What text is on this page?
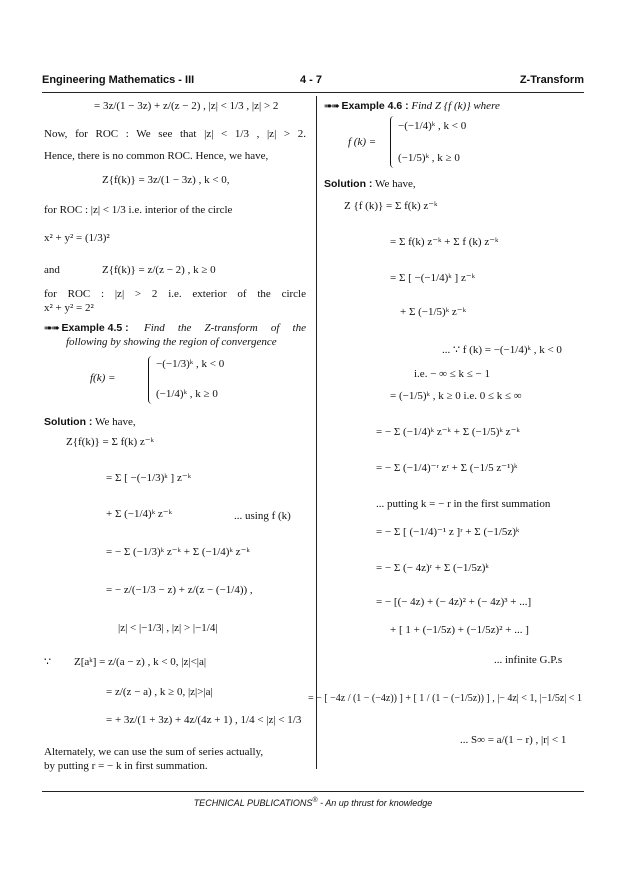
Engineering Mathematics - III	4 - 7	Z-Transform
= 3z/(1 − 3z) + z/(z − 2) , |z| < 1/3 , |z| > 2
Now, for ROC : We see that |z| < 1/3 , |z| > 2.
Hence, there is no common ROC. Hence, we have,
Z{f(k)} = 3z/(1 − 3z) , k < 0,
for ROC : |z| < 1/3 i.e. interior of the circle
x² + y² = (1/3)²
and	Z{f(k)} = z/(z − 2) , k ≥ 0
for ROC : |z| > 2 i.e. exterior of the circle
x² + y² = 2²
➠➠ Example 4.5 : Find the Z-transform of the
following by showing the region of convergence
f(k) =
−(−1/3)ᵏ , k < 0
(−1/4)ᵏ , k ≥ 0
Solution : We have,
Z{f(k)} = Σ f(k) z⁻ᵏ
= Σ [ −(−1/3)ᵏ ] z⁻ᵏ
+ Σ (−1/4)ᵏ z⁻ᵏ	... using f (k)
= − Σ (−1/3)ᵏ z⁻ᵏ + Σ (−1/4)ᵏ z⁻ᵏ
= − z/(−1/3 − z) + z/(z − (−1/4)) ,
|z| < |−1/3| , |z| > |−1/4|
∵ Z[aᵏ] = z/(a − z) , k < 0, |z|<|a|
= z/(z − a) , k ≥ 0, |z|>|a|
= + 3z/(1 + 3z) + 4z/(4z + 1) , 1/4 < |z| < 1/3
Alternately, we can use the sum of series actually,
by putting r = − k in first summation.
➠➠ Example 4.6 : Find Z {f (k)} where
f (k) =
−(−1/4)ᵏ , k < 0
(−1/5)ᵏ , k ≥ 0
Solution : We have,
Z {f (k)} = Σ f(k) z⁻ᵏ
= Σ f(k) z⁻ᵏ + Σ f (k) z⁻ᵏ
= Σ [ −(−1/4)ᵏ ] z⁻ᵏ
+ Σ (−1/5)ᵏ z⁻ᵏ
... ∵ f (k) = −(−1/4)ᵏ , k < 0
i.e. − ∞ ≤ k ≤ − 1
= (−1/5)ᵏ , k ≥ 0 i.e. 0 ≤ k ≤ ∞
= − Σ (−1/4)ᵏ z⁻ᵏ + Σ (−1/5)ᵏ z⁻ᵏ
= − Σ (−1/4)⁻ʳ zʳ + Σ (−1/5 z⁻¹)ᵏ
... putting k = − r in the first summation
= − Σ [ (−1/4)⁻¹ z ]ʳ + Σ (−1/5z)ᵏ
= − Σ (− 4z)ʳ + Σ (−1/5z)ᵏ
= − [(− 4z) + (− 4z)² + (− 4z)³ + ...]
+ [ 1 + (−1/5z) + (−1/5z)² + ... ]
... infinite G.P.s
= − [ −4z / (1 − (−4z)) ] + [ 1 / (1 − (−1/5z)) ] , |− 4z| < 1, |−1/5z| < 1
... S∞ = a/(1 − r) , |r| < 1
TECHNICAL PUBLICATIONS® - An up thrust for knowledge
